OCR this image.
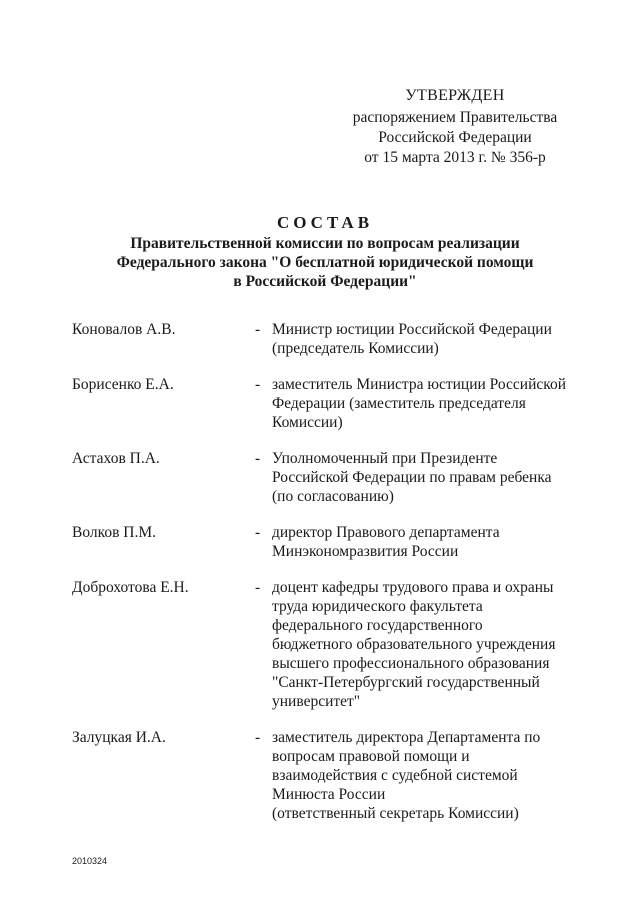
УТВЕРЖДЕН
распоряжением Правительства
Российской Федерации
от 15 марта 2013 г. № 356-р
СОСТАВ
Правительственной комиссии по вопросам реализации
Федерального закона "О бесплатной юридической помощи
в Российской Федерации"
Коновалов А.В.	- Министр юстиции Российской Федерации
(председатель Комиссии)
Борисенко Е.А.	- заместитель Министра юстиции Российской
Федерации (заместитель председателя
Комиссии)
Астахов П.А.	- Уполномоченный при Президенте
Российской Федерации по правам ребенка
(по согласованию)
Волков П.М.	- директор Правового департамента
Минэкономразвития России
Доброхотова Е.Н.	- доцент кафедры трудового права и охраны
труда юридического факультета
федерального государственного
бюджетного образовательного учреждения
высшего профессионального образования
"Санкт-Петербургский государственный
университет"
Залуцкая И.А.	- заместитель директора Департамента по
вопросам правовой помощи и
взаимодействия с судебной системой
Минюста России
(ответственный секретарь Комиссии)
2010324
